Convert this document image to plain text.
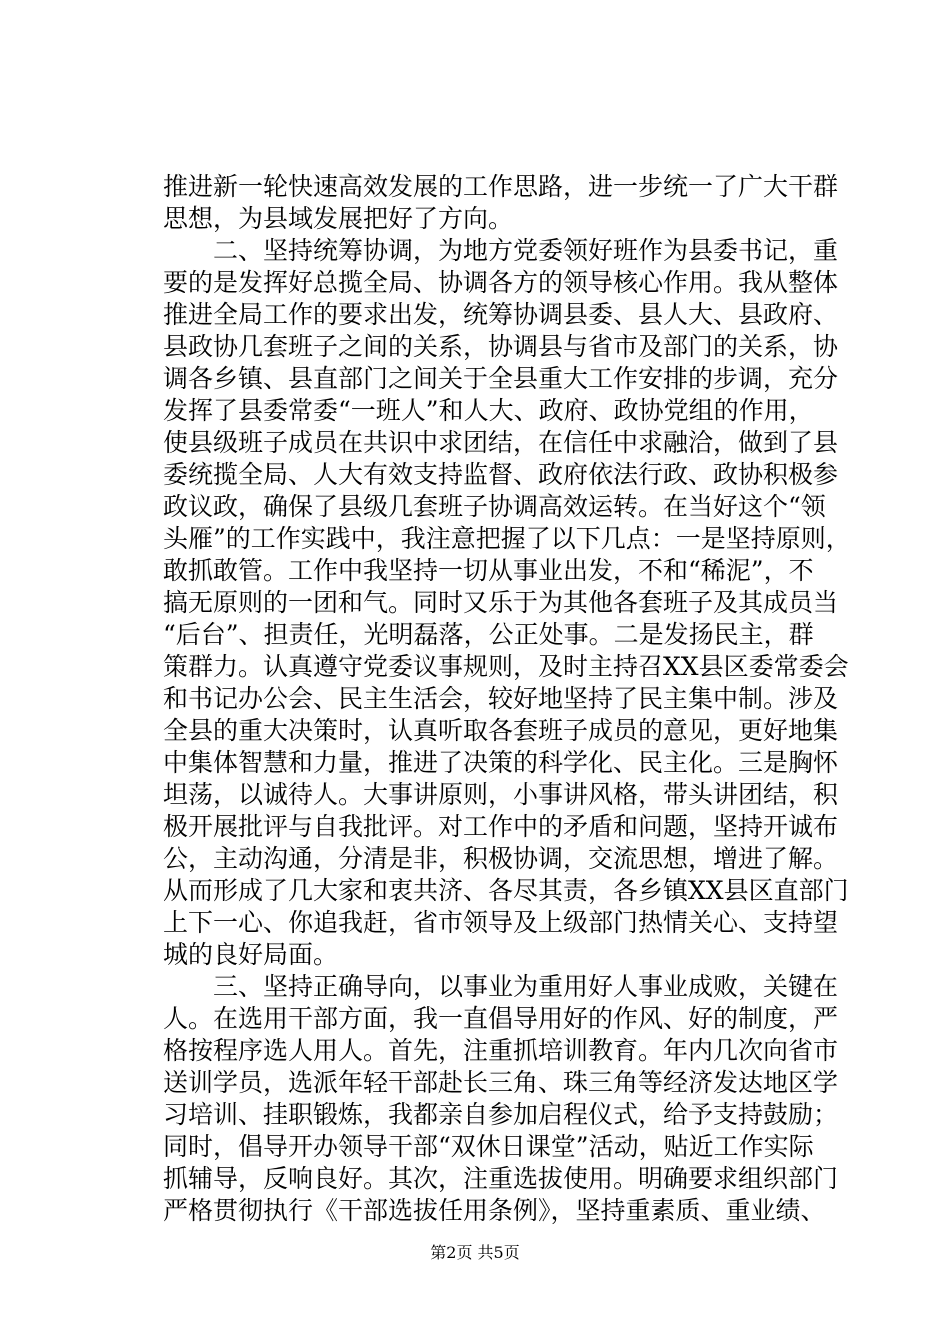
推进新一轮快速高效发展的工作思路，进一步统一了广大干群
思想，为县域发展把好了方向。
　　二、坚持统筹协调，为地方党委领好班作为县委书记，重
要的是发挥好总揽全局、协调各方的领导核心作用。我从整体
推进全局工作的要求出发，统筹协调县委、县人大、县政府、
县政协几套班子之间的关系，协调县与省市及部门的关系，协
调各乡镇、县直部门之间关于全县重大工作安排的步调，充分
发挥了县委常委“一班人”和人大、政府、政协党组的作用，
使县级班子成员在共识中求团结，在信任中求融洽，做到了县
委统揽全局、人大有效支持监督、政府依法行政、政协积极参
政议政，确保了县级几套班子协调高效运转。在当好这个“领
头雁”的工作实践中，我注意把握了以下几点：一是坚持原则，
敢抓敢管。工作中我坚持一切从事业出发，不和“稀泥”，不
搞无原则的一团和气。同时又乐于为其他各套班子及其成员当
“后台”、担责任，光明磊落，公正处事。二是发扬民主，群
策群力。认真遵守党委议事规则，及时主持召XX县区委常委会
和书记办公会、民主生活会，较好地坚持了民主集中制。涉及
全县的重大决策时，认真听取各套班子成员的意见，更好地集
中集体智慧和力量，推进了决策的科学化、民主化。三是胸怀
坦荡，以诚待人。大事讲原则，小事讲风格，带头讲团结，积
极开展批评与自我批评。对工作中的矛盾和问题，坚持开诚布
公，主动沟通，分清是非，积极协调，交流思想，增进了解。
从而形成了几大家和衷共济、各尽其责，各乡镇XX县区直部门
上下一心、你追我赶，省市领导及上级部门热情关心、支持望
城的良好局面。
　　三、坚持正确导向，以事业为重用好人事业成败，关键在
人。在选用干部方面，我一直倡导用好的作风、好的制度，严
格按程序选人用人。首先，注重抓培训教育。年内几次向省市
送训学员，选派年轻干部赴长三角、珠三角等经济发达地区学
习培训、挂职锻炼，我都亲自参加启程仪式，给予支持鼓励；
同时，倡导开办领导干部“双休日课堂”活动，贴近工作实际
抓辅导，反响良好。其次，注重选拔使用。明确要求组织部门
严格贯彻执行《干部选拔任用条例》，坚持重素质、重业绩、
第2页 共5页
